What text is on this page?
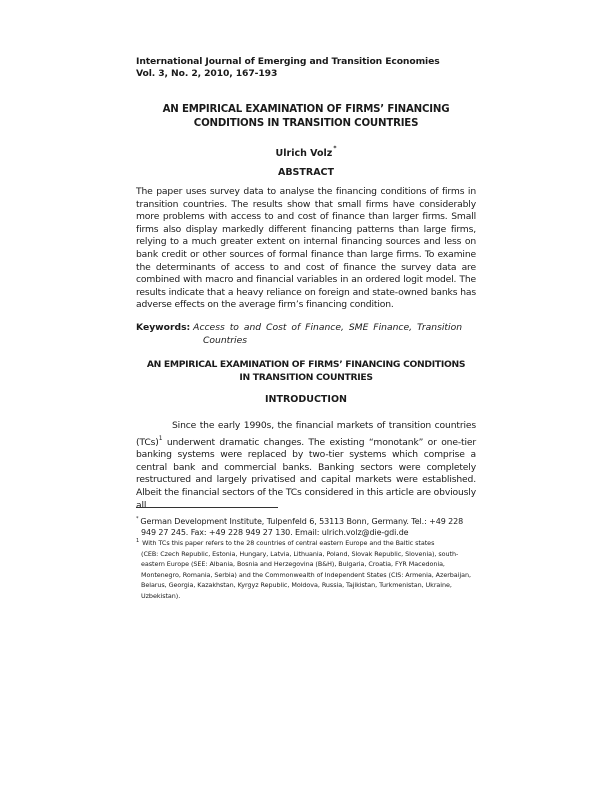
International Journal of Emerging and Transition Economies
Vol. 3, No. 2, 2010, 167-193
AN EMPIRICAL EXAMINATION OF FIRMS’ FINANCING
CONDITIONS IN TRANSITION COUNTRIES
Ulrich Volz*
ABSTRACT
The paper uses survey data to analyse the financing conditions of firms in transition countries. The results show that small firms have considerably more problems with access to and cost of finance than larger firms. Small firms also display markedly different financing patterns than large firms, relying to a much greater extent on internal financing sources and less on bank credit or other sources of formal finance than large firms. To examine the determinants of access to and cost of finance the survey data are combined with macro and financial variables in an ordered logit model. The results indicate that a heavy reliance on foreign and state-owned banks has adverse effects on the average firm’s financing condition.
Keywords: Access to and Cost of Finance, SME Finance, Transition
Countries
AN EMPIRICAL EXAMINATION OF FIRMS’ FINANCING CONDITIONS
IN TRANSITION COUNTRIES
INTRODUCTION
Since the early 1990s, the financial markets of transition countries (TCs)$^1$ underwent dramatic changes. The existing “monotank” or one-tier banking systems were replaced by two-tier systems which comprise a central bank and commercial banks. Banking sectors were completely restructured and largely privatised and capital markets were established. Albeit the financial sectors of the TCs considered in this article are obviously all
* German Development Institute, Tulpenfeld 6, 53113 Bonn, Germany. Tel.: +49 228
949 27 245. Fax: +49 228 949 27 130. Email: ulrich.volz@die-gdi.de
$^1$ With TCs this paper refers to the 28 countries of central eastern Europe and the Baltic states
(CEB: Czech Republic, Estonia, Hungary, Latvia, Lithuania, Poland, Slovak Republic, Slovenia), south-eastern Europe (SEE: Albania, Bosnia and Herzegovina (B&H), Bulgaria, Croatia, FYR Macedonia, Montenegro, Romania, Serbia) and the Commonwealth of Independent States (CIS: Armenia, Azerbaijan, Belarus, Georgia, Kazakhstan, Kyrgyz Republic, Moldova, Russia, Tajikistan, Turkmenistan, Ukraine, Uzbekistan).
